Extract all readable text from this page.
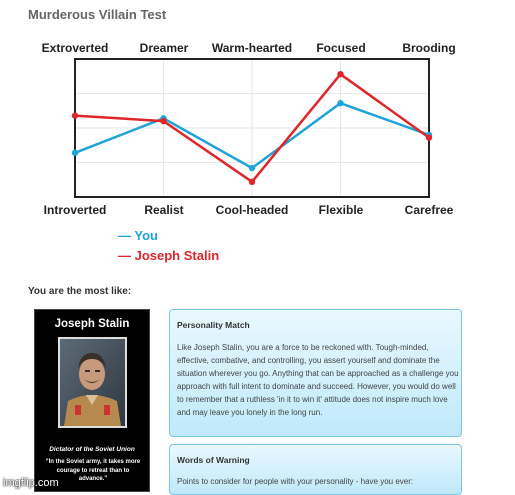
Murderous Villain Test
Extroverted	Dreamer Warm-hearted Focused	Brooding
Introverted	Realist	Cool-headed	Flexible	Carefree
— You
— Joseph Stalin
You are the most like:
Joseph Stalin
Dictator of the Soviet Union
"In the Soviet army, it takes more
courage to retreat than to
advance."
Personality Match
Like Joseph Stalin, you are a force to be reckoned with. Tough-minded, effective, combative, and controlling, you assert yourself and dominate the situation wherever you go. Anything that can be approached as a challenge you approach with full intent to dominate and succeed. However, you would do well to remember that a ruthless 'in it to win it' attitude does not inspire much love and may leave you lonely in the long run.
Words of Warning
Points to consider for people with your personality - have you ever:
imgflip.com
